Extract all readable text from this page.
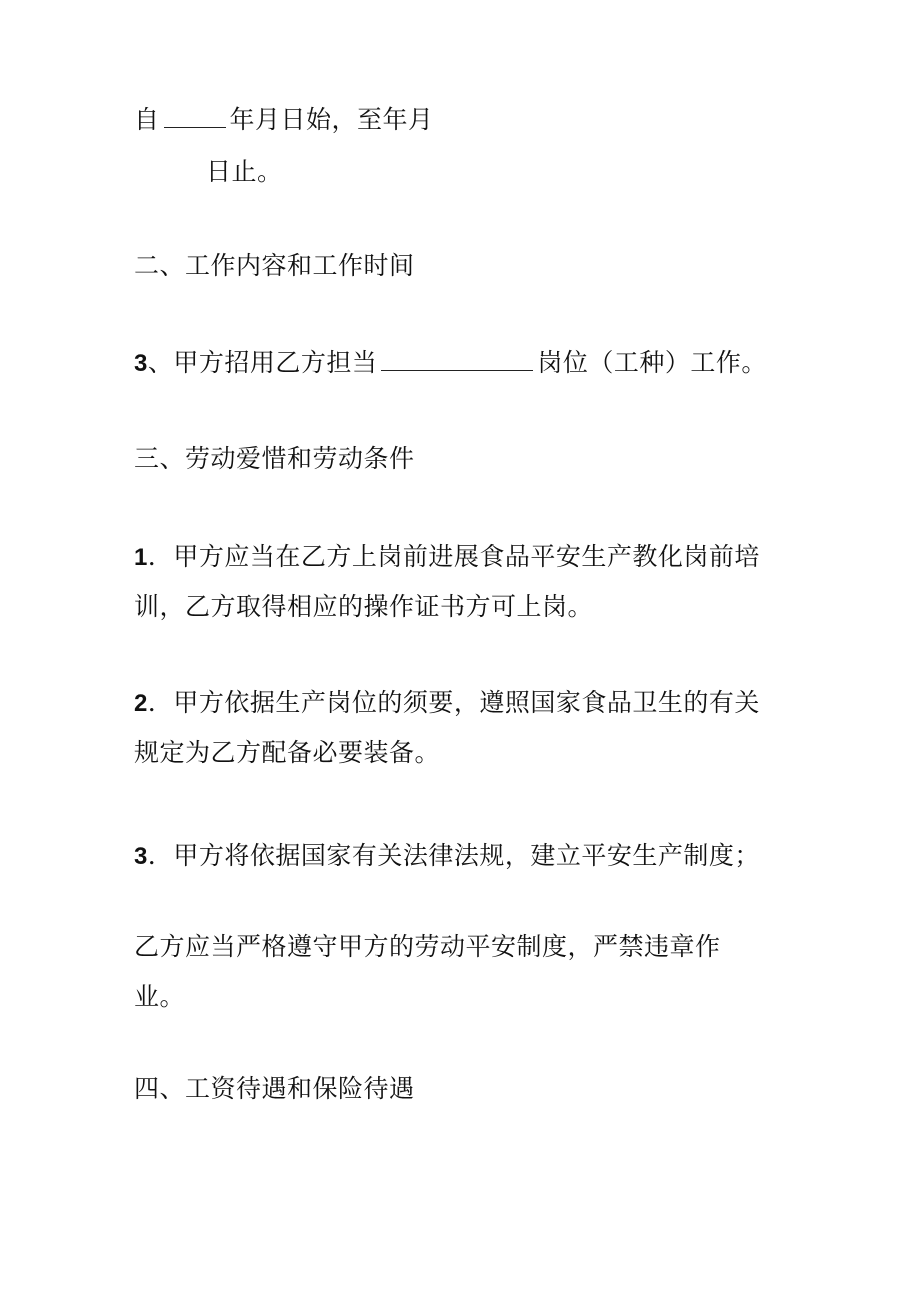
自	年月日始，至年月
日止。
二、工作内容和工作时间
3、甲方招用乙方担当	岗位（工种）工作。
三、劳动爱惜和劳动条件
1．甲方应当在乙方上岗前进展食品平安生产教化岗前培
训，乙方取得相应的操作证书方可上岗。
2．甲方依据生产岗位的须要，遵照国家食品卫生的有关
规定为乙方配备必要装备。
3．甲方将依据国家有关法律法规，建立平安生产制度；
乙方应当严格遵守甲方的劳动平安制度，严禁违章作
业。
四、工资待遇和保险待遇
